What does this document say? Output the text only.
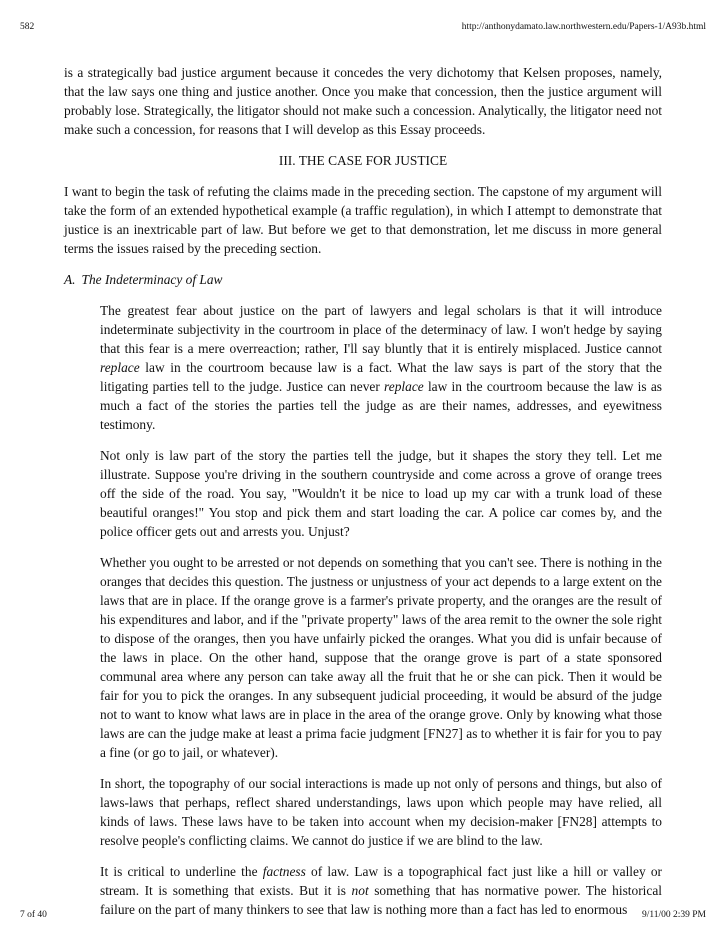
582	http://anthonydamato.law.northwestern.edu/Papers-1/A93b.html

is a strategically bad justice argument because it concedes the very dichotomy that Kelsen proposes, namely, that the law says one thing and justice another. Once you make that concession, then the justice argument will probably lose. Strategically, the litigator should not make such a concession. Analytically, the litigator need not make such a concession, for reasons that I will develop as this Essay proceeds.

III. THE CASE FOR JUSTICE

I want to begin the task of refuting the claims made in the preceding section. The capstone of my argument will take the form of an extended hypothetical example (a traffic regulation), in which I attempt to demonstrate that justice is an inextricable part of law. But before we get to that demonstration, let me discuss in more general terms the issues raised by the preceding section.

A. The Indeterminacy of Law

The greatest fear about justice on the part of lawyers and legal scholars is that it will introduce indeterminate subjectivity in the courtroom in place of the determinacy of law. I won't hedge by saying that this fear is a mere overreaction; rather, I'll say bluntly that it is entirely misplaced. Justice cannot replace law in the courtroom because law is a fact. What the law says is part of the story that the litigating parties tell to the judge. Justice can never replace law in the courtroom because the law is as much a fact of the stories the parties tell the judge as are their names, addresses, and eyewitness testimony.

Not only is law part of the story the parties tell the judge, but it shapes the story they tell. Let me illustrate. Suppose you're driving in the southern countryside and come across a grove of orange trees off the side of the road. You say, "Wouldn't it be nice to load up my car with a trunk load of these beautiful oranges!" You stop and pick them and start loading the car. A police car comes by, and the police officer gets out and arrests you. Unjust?

Whether you ought to be arrested or not depends on something that you can't see. There is nothing in the oranges that decides this question. The justness or unjustness of your act depends to a large extent on the laws that are in place. If the orange grove is a farmer's private property, and the oranges are the result of his expenditures and labor, and if the "private property" laws of the area remit to the owner the sole right to dispose of the oranges, then you have unfairly picked the oranges. What you did is unfair because of the laws in place. On the other hand, suppose that the orange grove is part of a state sponsored communal area where any person can take away all the fruit that he or she can pick. Then it would be fair for you to pick the oranges. In any subsequent judicial proceeding, it would be absurd of the judge not to want to know what laws are in place in the area of the orange grove. Only by knowing what those laws are can the judge make at least a prima facie judgment [FN27] as to whether it is fair for you to pay a fine (or go to jail, or whatever).

In short, the topography of our social interactions is made up not only of persons and things, but also of laws-laws that perhaps, reflect shared understandings, laws upon which people may have relied, all kinds of laws. These laws have to be taken into account when my decision-maker [FN28] attempts to resolve people's conflicting claims. We cannot do justice if we are blind to the law.

It is critical to underline the factness of law. Law is a topographical fact just like a hill or valley or stream. It is something that exists. But it is not something that has normative power. The historical failure on the part of many thinkers to see that law is nothing more than a fact has led to enormous

7 of 40	9/11/00 2:39 PM
